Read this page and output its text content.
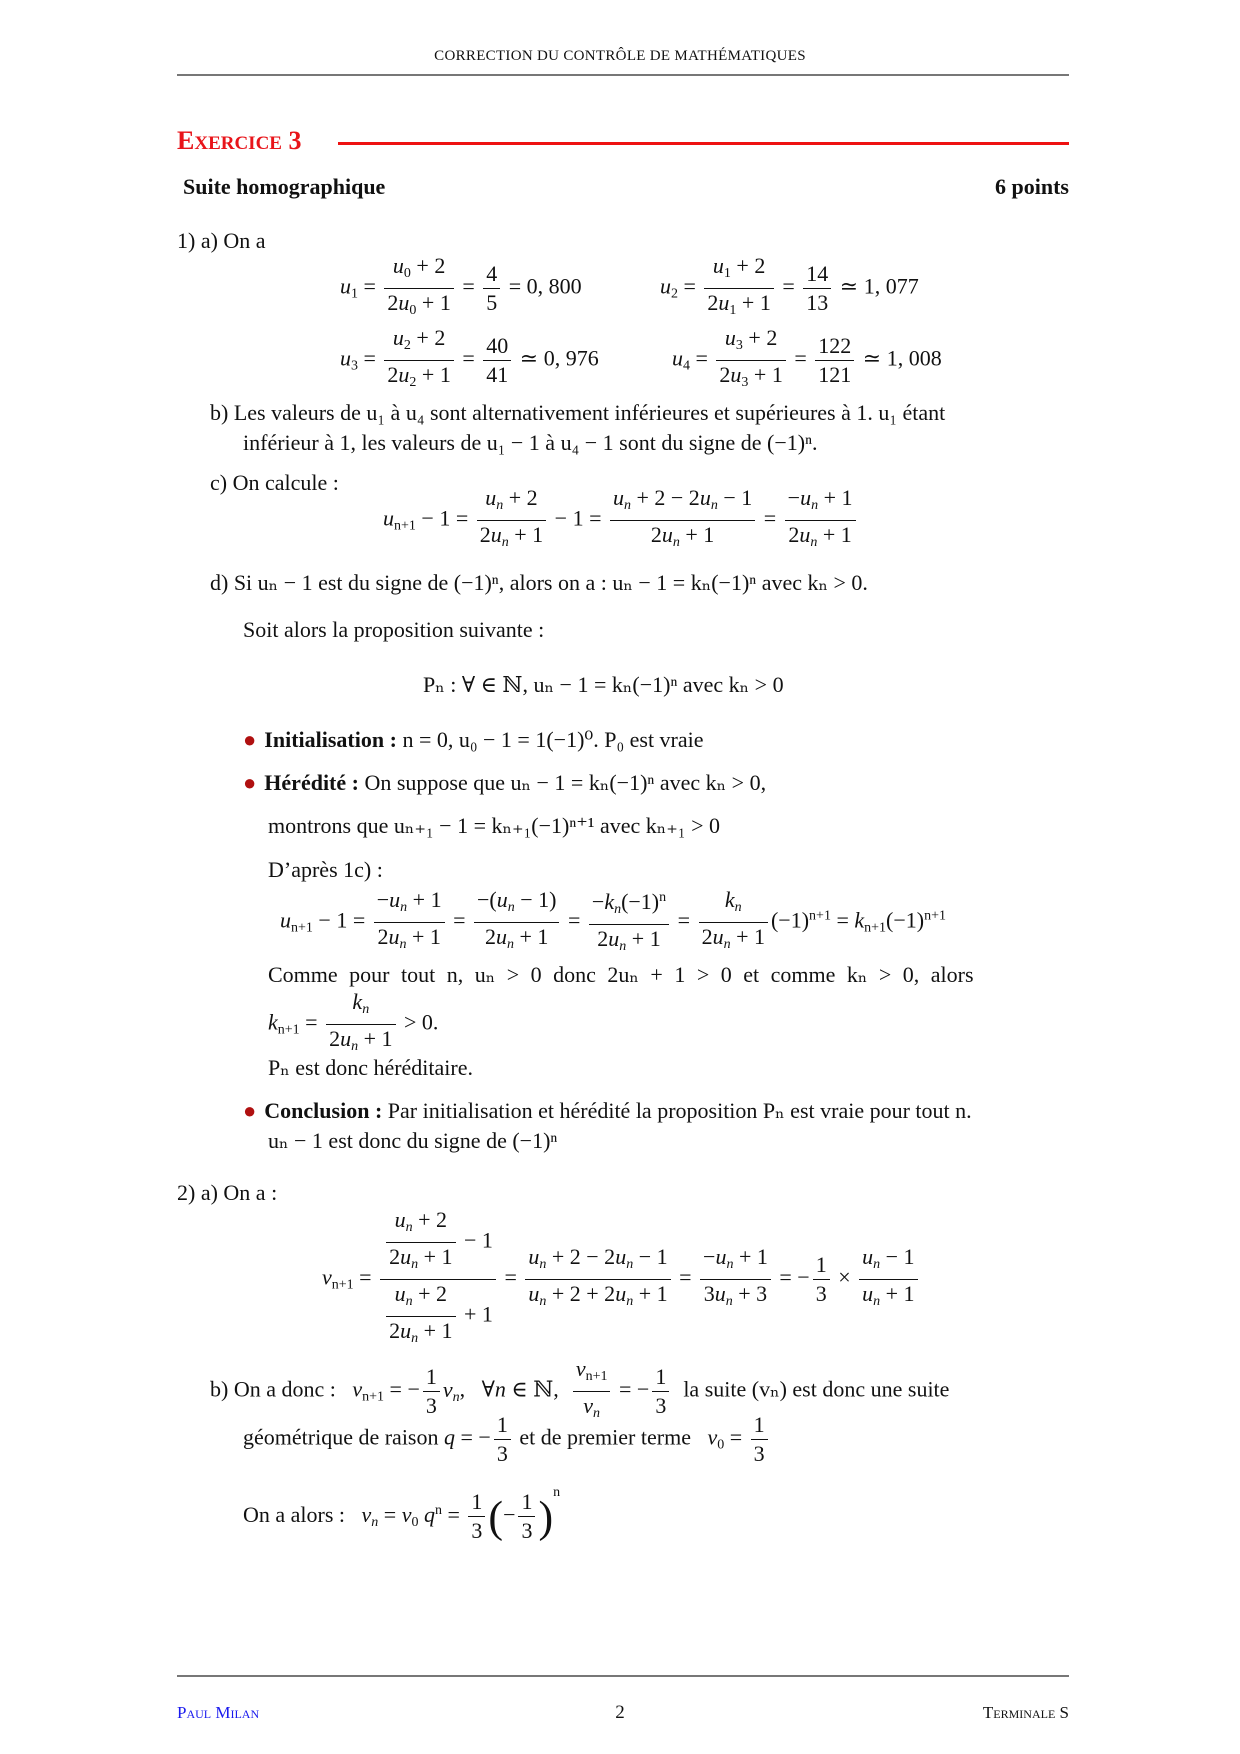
CORRECTION DU CONTRÔLE DE MATHÉMATIQUES
EXERCICE 3
Suite homographique	6 points
1) a) On a
$u_1 = \frac{u_0 + 2}{2u_0 + 1} = \frac{4}{5} = 0$, 800	$u_2 = \frac{u_1 + 2}{2u_1 + 1} = \frac{14}{13}$ ≃ 1, 077
$u_3 = \frac{u_2 + 2}{2u_2 + 1} = \frac{40}{41}$ ≃ 0, 976	$u_4 = \frac{u_3 + 2}{2u_3 + 1} = \frac{122}{121}$ ≃ 1, 008
b) Les valeurs de u₁ à u₄ sont alternativement inférieures et supérieures à 1. u₁ étant
inférieur à 1, les valeurs de u₁ − 1 à u₄ − 1 sont du signe de (−1)ⁿ.
c) On calcule :
$u_{n+1} - 1 = \frac{u_n + 2}{2u_n + 1} - 1 = \frac{u_n + 2 - 2u_n - 1}{2u_n + 1} = \frac{-u_n + 1}{2u_n + 1}$
d) Si uₙ − 1 est du signe de (−1)ⁿ, alors on a : uₙ − 1 = kₙ(−1)ⁿ avec kₙ > 0.
Soit alors la proposition suivante :
Pₙ : ∀ ∈ ℕ, uₙ − 1 = kₙ(−1)ⁿ avec kₙ > 0
● Initialisation : n = 0, u₀ − 1 = 1(−1)⁰. P₀ est vraie
● Hérédité : On suppose que uₙ − 1 = kₙ(−1)ⁿ avec kₙ > 0,
montrons que uₙ₊₁ − 1 = kₙ₊₁(−1)ⁿ⁺¹ avec kₙ₊₁ > 0
D’après 1c) :
$u_{n+1} - 1 = \frac{-u_n + 1}{2u_n + 1} = \frac{-(u_n - 1)}{2u_n + 1} = \frac{-k_n(-1)^n}{2u_n + 1} = \frac{k_n}{2u_n + 1} (-1)^{n+1} = k_{n+1}(-1)^{n+1}$
Comme pour tout n, uₙ > 0 donc 2uₙ + 1 > 0 et comme kₙ > 0, alors
$k_{n+1} = \frac{k_n}{2u_n + 1} > 0$.
Pₙ est donc héréditaire.
● Conclusion : Par initialisation et hérédité la proposition Pₙ est vraie pour tout n.
uₙ − 1 est donc du signe de (−1)ⁿ
2) a) On a :
$v_{n+1} = \frac{\frac{u_n + 2}{2u_n + 1} - 1}{\frac{u_n + 2}{2u_n + 1} + 1} = \frac{u_n + 2 - 2u_n - 1}{u_n + 2 + 2u_n + 1} = \frac{-u_n + 1}{3u_n + 3}$ = − $\frac{1}{3} \times \frac{u_n - 1}{u_n + 1}$
b) On a donc : $v_{n+1}$ = − $\frac{1}{3} v_n$,   ∀n ∈ ℕ, $\frac{v_{n+1}}{v_n}$ = − $\frac{1}{3}$ la suite (vₙ) est donc une suite
géométrique de raison q = − $\frac{1}{3}$ et de premier terme $v_0 = \frac{1}{3}$
On a alors : $v_n = v_0$ $q^n = \frac{1}{3}$ (− $\frac{1}{3} )^n$
Paul Milan	2	Terminale S
